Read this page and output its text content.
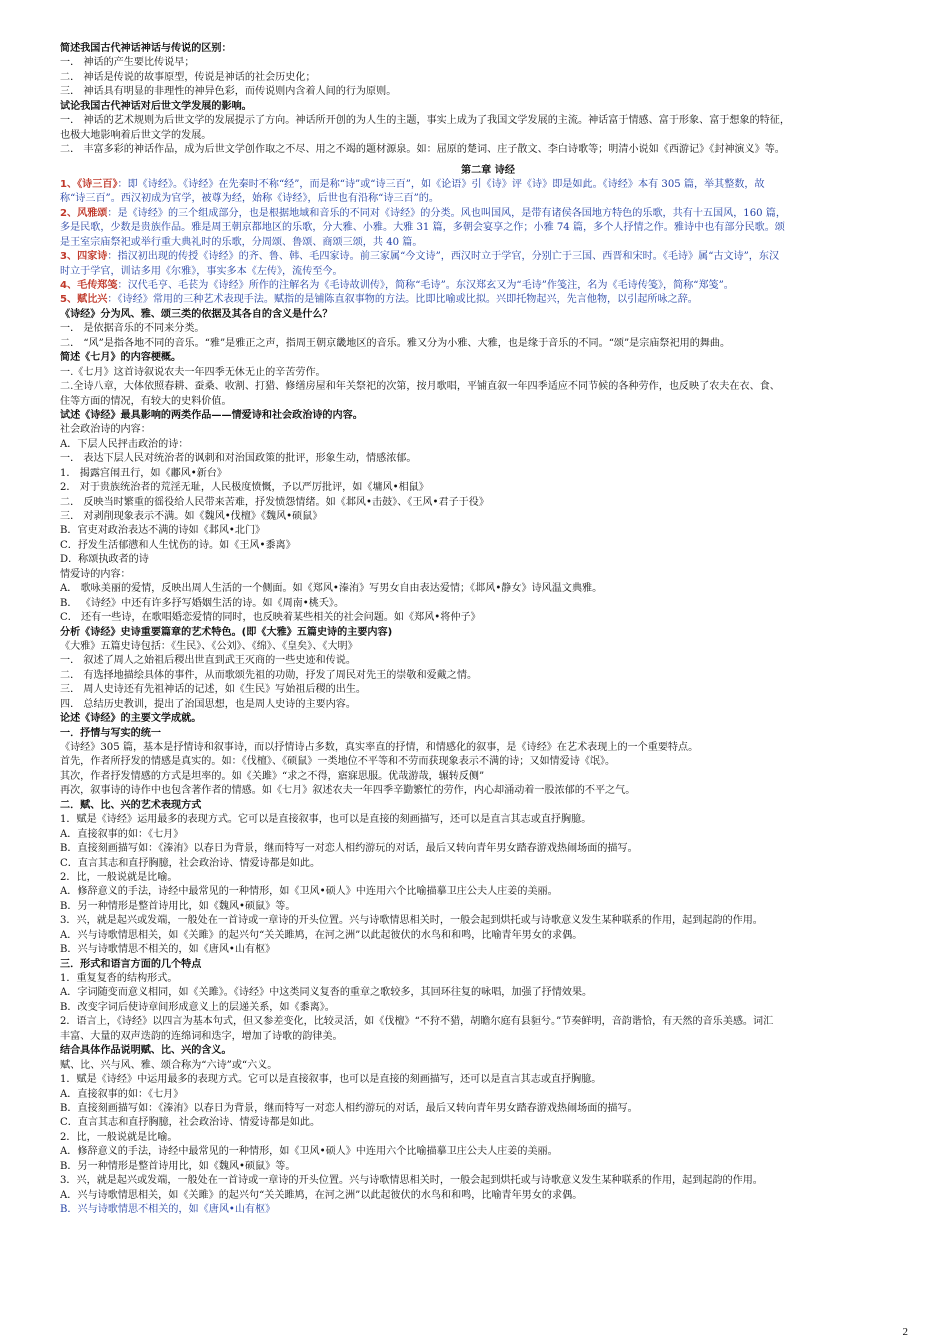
简述我国古代神话神话与传说的区别：
一． 神话的产生要比传说早；
二． 神话是传说的故事原型，传说是神话的社会历史化；
三． 神话具有明显的非理性的神异色彩，而传说则内含着人间的行为原则。
试论我国古代神话对后世文学发展的影响。
一． 神话的艺术规则为后世文学的发展提示了方向。神话所开创的为人生的主题，事实上成为了我国文学发展的主流。神话富于情感、富于形象、富于想象的特征，
也极大地影响着后世文学的发展。
二． 丰富多彩的神话作品，成为后世文学创作取之不尽、用之不竭的题材源泉。如：屈原的楚词、庄子散文、李白诗歌等；明清小说如《西游记》《封神演义》等。
第二章 诗经
1、《诗三百》：即《诗经》。《诗经》在先秦时不称“经”，而是称“诗”或“诗三百”，如《论语》引《诗》评《诗》即是如此。《诗经》本有 305 篇，举其整数，故
称“诗三百”。西汉初成为官学，被尊为经，始称《诗经》，后世也有沿称“诗三百”的。
2、风雅颂：是《诗经》的三个组成部分，也是根据地域和音乐的不同对《诗经》的分类。风也叫国风，是带有诸侯各国地方特色的乐歌，共有十五国风，160 篇，
多是民歌，少数是贵族作品。雅是周王朝京都地区的乐歌，分大雅、小雅。大雅 31 篇，多朝会宴享之作；小雅 74 篇，多个人抒情之作。雅诗中也有部分民歌。颂
是王室宗庙祭祀或举行重大典礼时的乐歌，分周颂、鲁颂、商颂三颂，共 40 篇。
3、四家诗：指汉初出现的传授《诗经》的齐、鲁、韩、毛四家诗。前三家属“今文诗”，西汉时立于学官，分别亡于三国、西晋和宋时。《毛诗》属“古文诗”，东汉
时立于学官，训诂多用《尔雅》，事实多本《左传》，流传至今。
4、毛传郑笺：汉代毛亨、毛苌为《诗经》所作的注解名为《毛诗故训传》，简称“毛诗”。东汉郑玄又为“毛诗”作笺注，名为《毛诗传笺》，简称“郑笺”。
5、赋比兴：《诗经》常用的三种艺术表现手法。赋指的是铺陈直叙事物的方法。比即比喻或比拟。兴即托物起兴，先言他物，以引起所咏之辞。
《诗经》分为风、雅、颂三类的依据及其各自的含义是什么？
一． 是依据音乐的不同来分类。
二． “风”是指各地不同的音乐。“雅”是雅正之声，指周王朝京畿地区的音乐。雅又分为小雅、大雅，也是缘于音乐的不同。“颂”是宗庙祭祀用的舞曲。
简述《七月》的内容梗概。
一.《七月》这首诗叙说农夫一年四季无休无止的辛苦劳作。
二.全诗八章，大体依照春耕、蚕桑、收割、打猎、修缮房屋和年关祭祀的次第，按月歌唱，平铺直叙一年四季适应不同节候的各种劳作，也反映了农夫在衣、食、
住等方面的情况，有较大的史料价值。
试述《诗经》最具影响的两类作品——情爱诗和社会政治诗的内容。
社会政治诗的内容：
A．下层人民抨击政治的诗：
一． 表达下层人民对统治者的讽刺和对治国政策的批评，形象生动，情感浓郁。
1． 揭露宫闱丑行，如《鄘风•新台》
2． 对于贵族统治者的荒淫无耻，人民极度愤慨，予以严厉批评，如《墉风•相鼠》
二． 反映当时繁重的徭役给人民带来苦难，抒发愤怨情绪。如《邶风•击鼓》、《王风•君子于役》
三． 对剥削现象表示不满。如《魏风•伐檀》《魏风•硕鼠》
B．官吏对政治表达不满的诗如《邶风•北门》
C．抒发生活郁懑和人生忧伤的诗。如《王风•黍离》
D．称颂执政者的诗
情爱诗的内容：
A． 歌咏美丽的爱情，反映出周人生活的一个侧面。如《郑风•溱洧》写男女自由表达爱情；《邶风•静女》诗风温文典雅。
B． 《诗经》中还有许多抒写婚姻生活的诗。如《周南•桃夭》。
C． 还有一些诗，在歌唱婚恋爱情的同时，也反映着某些相关的社会问题。如《郑风•将仲子》
分析《诗经》史诗重要篇章的艺术特色。(即《大雅》五篇史诗的主要内容)
《大雅》五篇史诗包括：《生民》、《公刘》、《绵》、《皇矣》、《大明》
一． 叙述了周人之始祖后稷出世直到武王灭商的一些史迹和传说。
二． 有选择地描绘具体的事件，从而歌颂先祖的功勋，抒发了周民对先王的崇敬和爱戴之情。
三． 周人史诗还有先祖神话的记述，如《生民》写始祖后稷的出生。
四． 总结历史教训，提出了治国思想，也是周人史诗的主要内容。
论述《诗经》的主要文学成就。
一．抒情与写实的统一
《诗经》305 篇，基本是抒情诗和叙事诗，而以抒情诗占多数，真实率直的抒情，和情感化的叙事，是《诗经》在艺术表现上的一个重要特点。
首先，作者所抒发的情感是真实的。如：《伐檀》、《硕鼠》一类地位不平等和不劳而获现象表示不满的诗；又如情爱诗《氓》。
其次，作者抒发情感的方式是坦率的。如《关雎》“求之不得，寤寐思服。优哉游哉，辗转反侧”
再次，叙事诗的诗作中也包含著作者的情感。如《七月》叙述农夫一年四季辛勤繁忙的劳作，内心却涌动着一股浓郁的不平之气。
二．赋、比、兴的艺术表现方式
1．赋是《诗经》运用最多的表现方式。它可以是直接叙事，也可以是直接的刻画描写，还可以是直言其志或直抒胸臆。
A．直接叙事的如：《七月》
B．直接刻画描写如：《溱洧》以春日为背景，继而特写一对恋人相约游玩的对话，最后又转向青年男女踏春游戏热闹场面的描写。
C．直言其志和直抒胸臆，社会政治诗、情爱诗都是如此。
2．比，一般说就是比喻。
A．修辞意义的手法，诗经中最常见的一种情形，如《卫风•硕人》中连用六个比喻描摹卫庄公夫人庄姜的美丽。
B．另一种情形是整首诗用比，如《魏风•硕鼠》等。
3．兴，就是起兴或发端，一般处在一首诗或一章诗的开头位置。兴与诗歌情思相关时，一般会起到烘托或与诗歌意义发生某种联系的作用，起到起韵的作用。
A．兴与诗歌情思相关，如《关雎》的起兴句“关关雎鸠，在河之洲”以此起彼伏的水鸟和和鸣，比喻青年男女的求偶。
B．兴与诗歌情思不相关的，如《唐风•山有枢》
三．形式和语言方面的几个特点
1．重复复沓的结构形式。
A．字词随变而意义相同，如《关雎》。《诗经》中这类同义复沓的重章之歌较多，其回环往复的咏唱，加强了抒情效果。
B．改变字词后使诗章间形成意义上的层递关系，如《黍离》。
2．语言上，《诗经》以四言为基本句式，但又参差变化，比较灵活，如《伐檀》“不狩不猎，胡瞻尔庭有县貆兮。”节奏鲜明，音韵谐恰，有天然的音乐美感。词汇
丰富、大量的双声迭韵的连绵词和迭字，增加了诗歌的韵律美。
结合具体作品说明赋、比、兴的含义。
赋、比、兴与风、雅、颂合称为“六诗”或“六义。
1．赋是《诗经》中运用最多的表现方式。它可以是直接叙事，也可以是直接的刻画描写，还可以是直言其志或直抒胸臆。
A．直接叙事的如：《七月》
B．直接刻画描写如：《溱洧》以春日为背景，继而特写一对恋人相约游玩的对话，最后又转向青年男女踏春游戏热闹场面的描写。
C．直言其志和直抒胸臆，社会政治诗、情爱诗都是如此。
2．比，一般说就是比喻。
A．修辞意义的手法，诗经中最常见的一种情形，如《卫风•硕人》中连用六个比喻描摹卫庄公夫人庄姜的美丽。
B．另一种情形是整首诗用比，如《魏风•硕鼠》等。
3．兴，就是起兴或发端，一般处在一首诗或一章诗的开头位置。兴与诗歌情思相关时，一般会起到烘托或与诗歌意义发生某种联系的作用，起到起韵的作用。
A．兴与诗歌情思相关，如《关雎》的起兴句“关关雎鸠，在河之洲”以此起彼伏的水鸟和和鸣，比喻青年男女的求偶。
B．兴与诗歌情思不相关的，如《唐风•山有枢》
2
